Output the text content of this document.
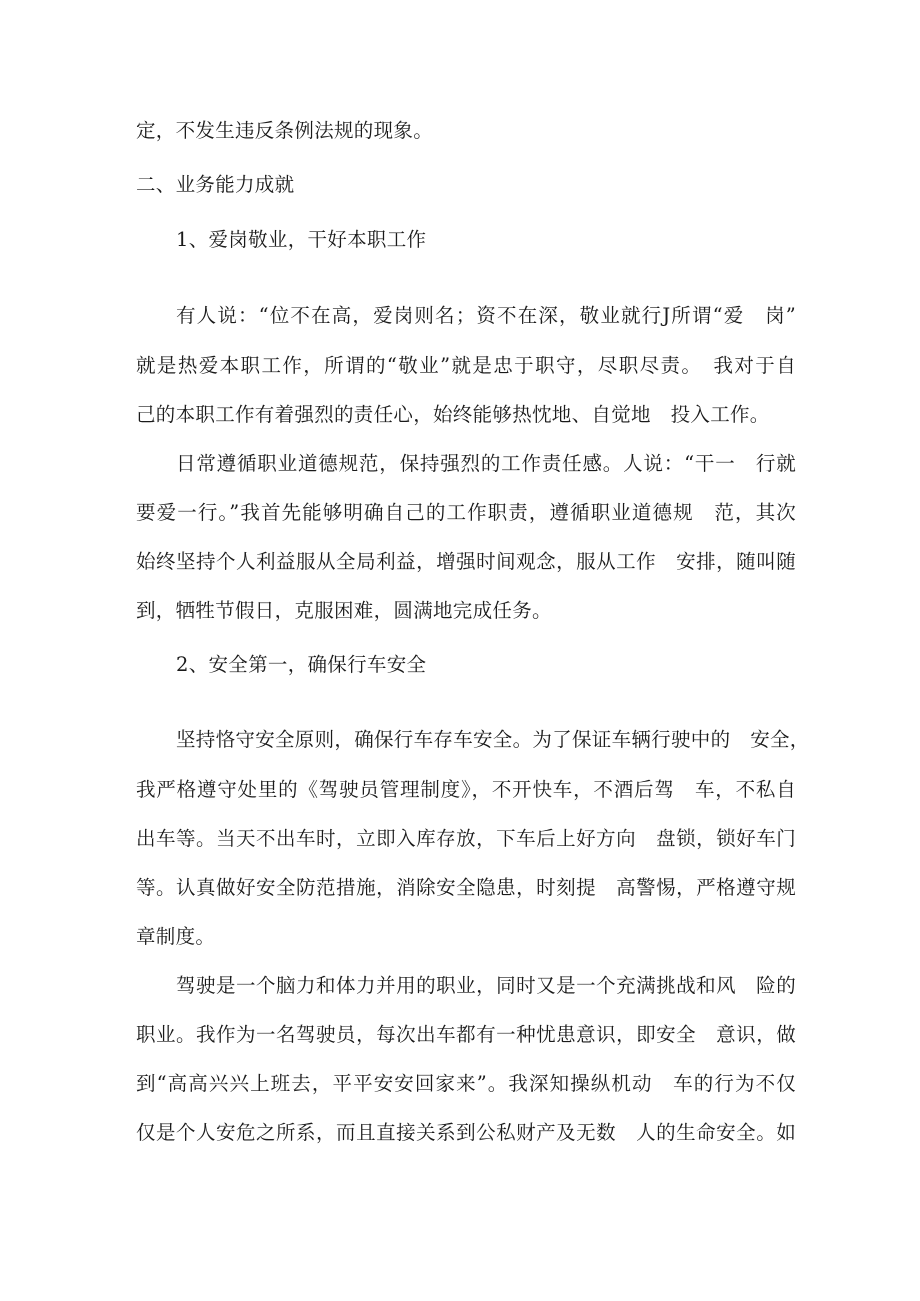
定，不发生违反条例法规的现象。
二、业务能力成就
1、爱岗敬业，干好本职工作
有人说：“位不在高，爱岗则名；资不在深，敬业就行J所谓“爱　岗”
就是热爱本职工作，所谓的“敬业”就是忠于职守，尽职尽责。　我对于自
己的本职工作有着强烈的责任心，始终能够热忱地、自觉地　投入工作。
日常遵循职业道德规范，保持强烈的工作责任感。人说：“干一　行就
要爱一行。”我首先能够明确自己的工作职责，遵循职业道德规　范，其次
始终坚持个人利益服从全局利益，增强时间观念，服从工作　安排，随叫随
到，牺牲节假日，克服困难，圆满地完成任务。
2、安全第一，确保行车安全
坚持恪守安全原则，确保行车存车安全。为了保证车辆行驶中的　安全，
我严格遵守处里的《驾驶员管理制度》，不开快车，不酒后驾　车，不私自
出车等。当天不出车时，立即入库存放，下车后上好方向　盘锁，锁好车门
等。认真做好安全防范措施，消除安全隐患，时刻提　高警惕，严格遵守规
章制度。
驾驶是一个脑力和体力并用的职业，同时又是一个充满挑战和风　险的
职业。我作为一名驾驶员，每次出车都有一种忧患意识，即安全　意识，做
到“高高兴兴上班去，平平安安回家来”。我深知操纵机动　车的行为不仅
仅是个人安危之所系，而且直接关系到公私财产及无数　人的生命安全。如
